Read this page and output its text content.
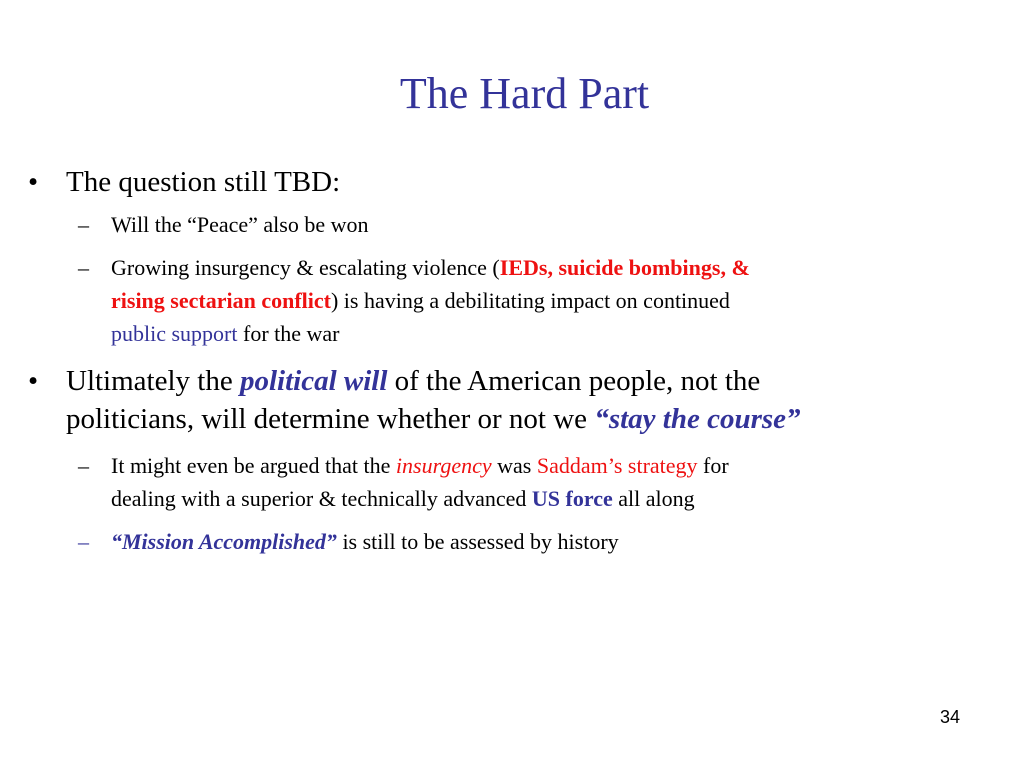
The Hard Part
• The question still TBD:
– Will the “Peace” also be won
– Growing insurgency & escalating violence (IEDs, suicide bombings, &
rising sectarian conflict) is having a debilitating impact on continued
public support for the war
• Ultimately the political will of the American people, not the
politicians, will determine whether or not we “stay the course”
– It might even be argued that the insurgency was Saddam’s strategy for
dealing with a superior & technically advanced US force all along
– “Mission Accomplished” is still to be assessed by history
34
